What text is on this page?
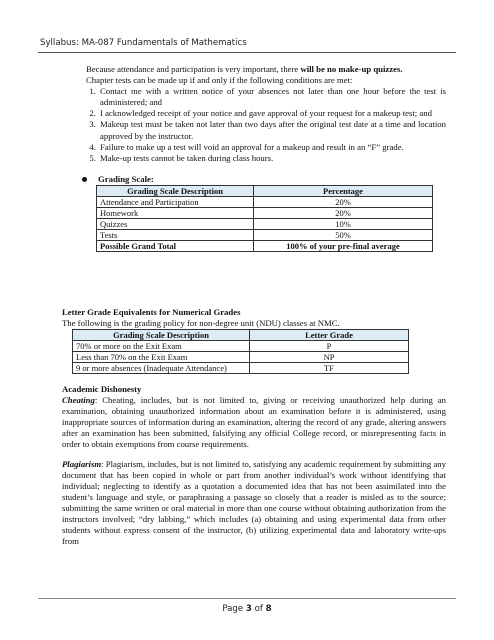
Syllabus: MA-087 Fundamentals of Mathematics

Because attendance and participation is very important, there will be no make-up quizzes.

Chapter tests can be made up if and only if the following conditions are met:

1. Contact me with a written notice of your absences not later than one hour before the test is administered; and
2. I acknowledged receipt of your notice and gave approval of your request for a makeup test; and
3. Makeup test must be taken not later than two days after the original test date at a time and location approved by the instructor.
4. Failure to make up a test will void an approval for a makeup and result in an “F” grade.
5. Make-up tests cannot be taken during class hours.
Grading Scale:
Grading Scale Description	Percentage
Attendance and Participation	20%
Homework	20%
Quizzes	10%
Tests	50%
Possible Grand Total	100% of your pre-final average

Letter Grade Equivalents for Numerical Grades

The following is the grading policy for non-degree unit (NDU) classes at NMC.

Grading Scale Description	Letter Grade
70% or more on the Exit Exam	P
Less than 70% on the Exit Exam	NP
9 or more absences (Inadequate Attendance)	TF

Academic Dishonesty

Cheating: Cheating, includes, but is not limited to, giving or receiving unauthorized help during an examination, obtaining unauthorized information about an examination before it is administered, using inappropriate sources of information during an examination, altering the record of any grade, altering answers after an examination has been submitted, falsifying any official College record, or misrepresenting facts in order to obtain exemptions from course requirements.

Plagiarism: Plagiarism, includes, but is not limited to, satisfying any academic requirement by submitting any document that has been copied in whole or part from another individual’s work without identifying that individual; neglecting to identify as a quotation a documented idea that has not been assimilated into the student’s language and style, or paraphrasing a passage so closely that a reader is misled as to the source; submitting the same written or oral material in more than one course without obtaining authorization from the instructors involved; “dry labbing,” which includes (a) obtaining and using experimental data from other students without express consent of the instructor, (b) utilizing experimental data and laboratory write-ups from

Page 3 of 8
